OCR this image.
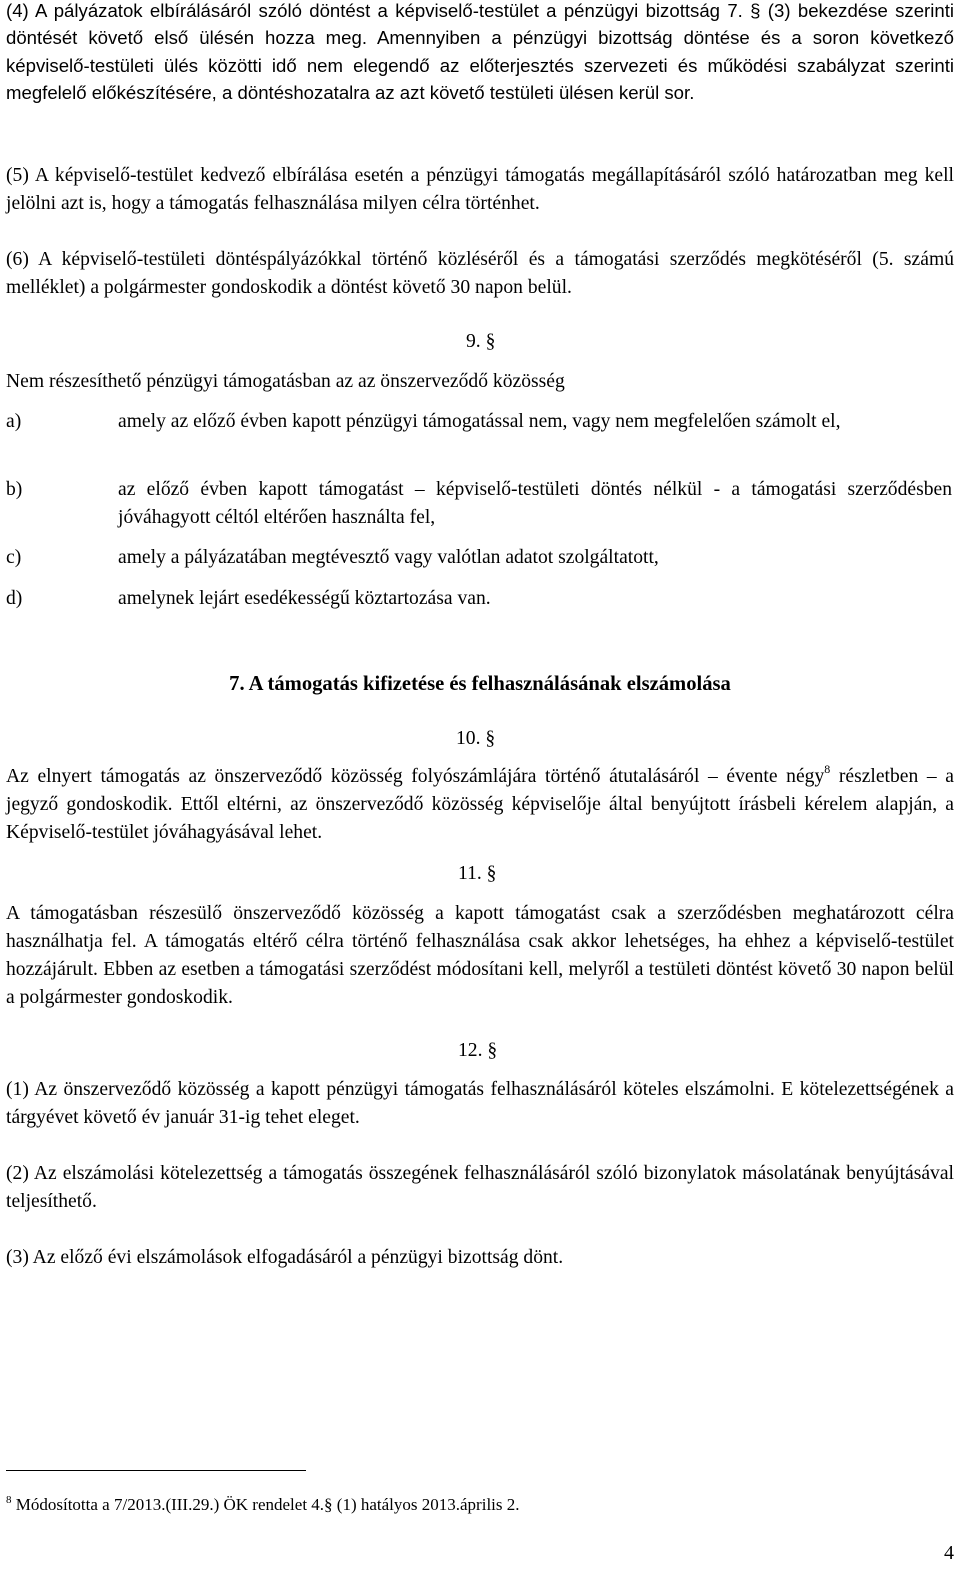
(4) A pályázatok elbírálásáról szóló döntést a képviselő-testület a pénzügyi bizottság 7. § (3) bekezdése szerinti döntését követő első ülésén hozza meg. Amennyiben a pénzügyi bizottság döntése és a soron következő képviselő-testületi ülés közötti idő nem elegendő az előterjesztés szervezeti és működési szabályzat szerinti megfelelő előkészítésére, a döntéshozatalra az azt követő testületi ülésen kerül sor.

(5) A képviselő-testület kedvező elbírálása esetén a pénzügyi támogatás megállapításáról szóló határozatban meg kell jelölni azt is, hogy a támogatás felhasználása milyen célra történhet.

(6) A képviselő-testületi döntéspályázókkal történő közléséről és a támogatási szerződés megkötéséről (5. számú melléklet) a polgármester gondoskodik a döntést követő 30 napon belül.

9. §

Nem részesíthető pénzügyi támogatásban az az önszerveződő közösség

a)	amely az előző évben kapott pénzügyi támogatással nem, vagy nem megfelelően számolt el,
b)	az előző évben kapott támogatást – képviselő-testületi döntés nélkül - a támogatási szerződésben jóváhagyott céltól eltérően használta fel,
c)	amely a pályázatában megtévesztő vagy valótlan adatot szolgáltatott,
d)	amelynek lejárt esedékességű köztartozása van.
7. A támogatás kifizetése és felhasználásának elszámolása
10. §

Az elnyert támogatás az önszerveződő közösség folyószámlájára történő átutalásáról – évente négy$^8$ részletben – a jegyző gondoskodik. Ettől eltérni, az önszerveződő közösség képviselője által benyújtott írásbeli kérelem alapján, a Képviselő-testület jóváhagyásával lehet.

11. §

A támogatásban részesülő önszerveződő közösség a kapott támogatást csak a szerződésben meghatározott célra használhatja fel. A támogatás eltérő célra történő felhasználása csak akkor lehetséges, ha ehhez a képviselő-testület hozzájárult. Ebben az esetben a támogatási szerződést módosítani kell, melyről a testületi döntést követő 30 napon belül a polgármester gondoskodik.

12. §

(1) Az önszerveződő közösség a kapott pénzügyi támogatás felhasználásáról köteles elszámolni. E kötelezettségének a tárgyévet követő év január 31-ig tehet eleget.

(2) Az elszámolási kötelezettség a támogatás összegének felhasználásáról szóló bizonylatok másolatának benyújtásával teljesíthető.

(3) Az előző évi elszámolások elfogadásáról a pénzügyi bizottság dönt.

$^8$ Módosította a 7/2013.(III.29.) ÖK rendelet 4.§ (1) hatályos 2013.április 2.
4
